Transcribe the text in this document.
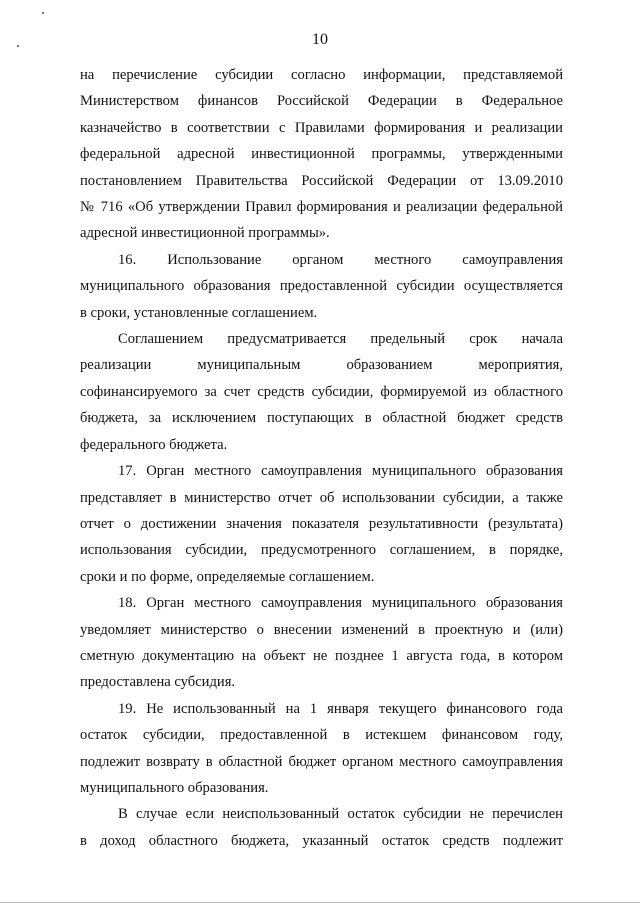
10
на перечисление субсидии согласно информации, представляемой
Министерством финансов Российской Федерации в Федеральное
казначейство в соответствии с Правилами формирования и реализации
федеральной адресной инвестиционной программы, утвержденными
постановлением Правительства Российской Федерации от 13.09.2010
№ 716 «Об утверждении Правил формирования и реализации федеральной
адресной инвестиционной программы».
16. Использование органом местного самоуправления
муниципального образования предоставленной субсидии осуществляется
в сроки, установленные соглашением.
Соглашением предусматривается предельный срок начала
реализации муниципальным образованием мероприятия,
софинансируемого за счет средств субсидии, формируемой из областного
бюджета, за исключением поступающих в областной бюджет средств
федерального бюджета.
17. Орган местного самоуправления муниципального образования
представляет в министерство отчет об использовании субсидии, а также
отчет о достижении значения показателя результативности (результата)
использования субсидии, предусмотренного соглашением, в порядке,
сроки и по форме, определяемые соглашением.
18. Орган местного самоуправления муниципального образования
уведомляет министерство о внесении изменений в проектную и (или)
сметную документацию на объект не позднее 1 августа года, в котором
предоставлена субсидия.
19. Не использованный на 1 января текущего финансового года
остаток субсидии, предоставленной в истекшем финансовом году,
подлежит возврату в областной бюджет органом местного самоуправления
муниципального образования.
В случае если неиспользованный остаток субсидии не перечислен
в доход областного бюджета, указанный остаток средств подлежит
